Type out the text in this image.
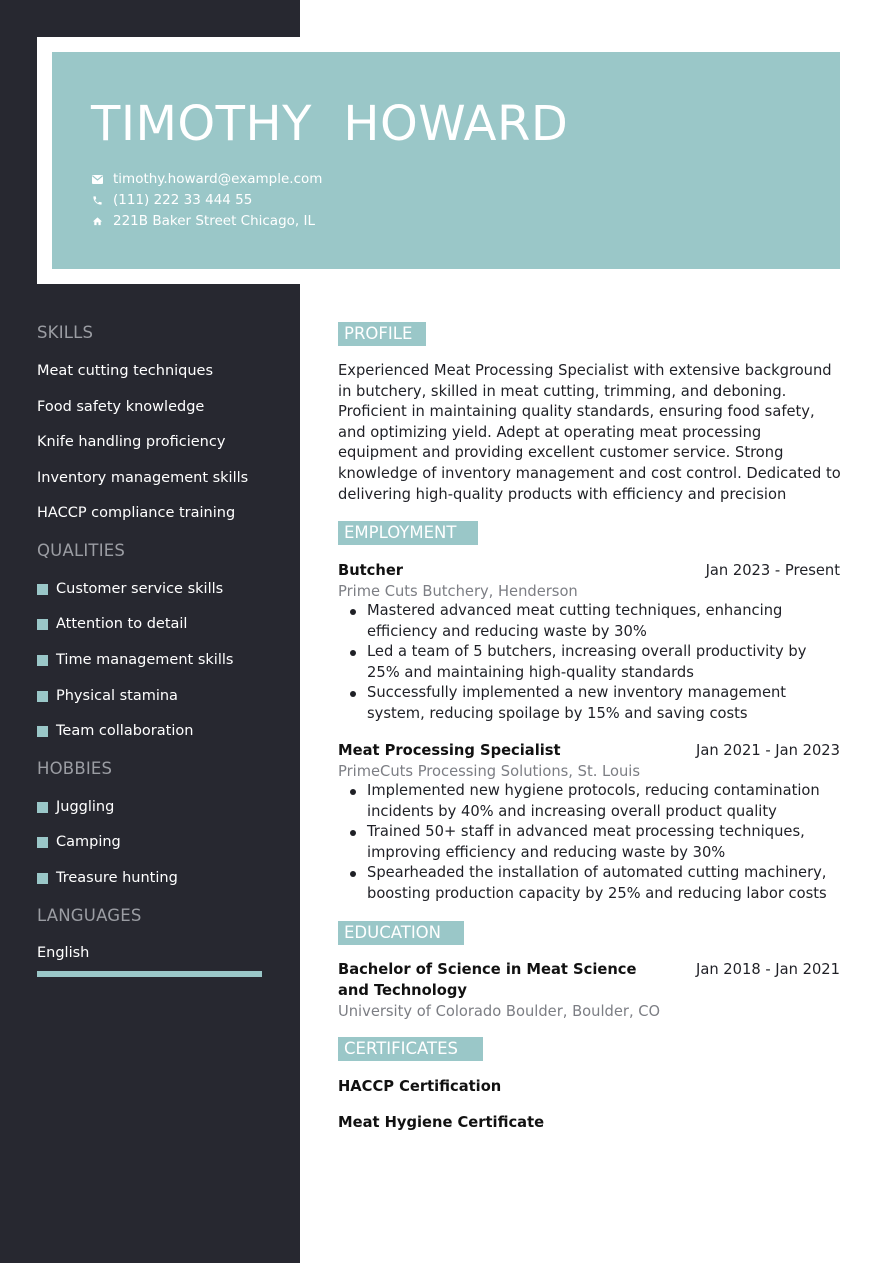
TIMOTHY  HOWARD
timothy.howard@example.com
(111) 222 33 444 55
221B Baker Street Chicago, IL
SKILLS
Meat cutting techniques
Food safety knowledge
Knife handling proficiency
Inventory management skills
HACCP compliance training
QUALITIES
Customer service skills
Attention to detail
Time management skills
Physical stamina
Team collaboration
HOBBIES
Juggling
Camping
Treasure hunting
LANGUAGES
English
PROFILE
Experienced Meat Processing Specialist with extensive background in butchery, skilled in meat cutting, trimming, and deboning. Proficient in maintaining quality standards, ensuring food safety, and optimizing yield. Adept at operating meat processing equipment and providing excellent customer service. Strong knowledge of inventory management and cost control. Dedicated to delivering high-quality products with efficiency and precision
EMPLOYMENT
Butcher	Jan 2023 - Present
Prime Cuts Butchery, Henderson
Mastered advanced meat cutting techniques, enhancing efficiency and reducing waste by 30%
Led a team of 5 butchers, increasing overall productivity by 25% and maintaining high-quality standards
Successfully implemented a new inventory management system, reducing spoilage by 15% and saving costs
Meat Processing Specialist	Jan 2021 - Jan 2023
PrimeCuts Processing Solutions, St. Louis
Implemented new hygiene protocols, reducing contamination incidents by 40% and increasing overall product quality
Trained 50+ staff in advanced meat processing techniques, improving efficiency and reducing waste by 30%
Spearheaded the installation of automated cutting machinery, boosting production capacity by 25% and reducing labor costs
EDUCATION
Bachelor of Science in Meat Science and Technology
Jan 2018 - Jan 2021
University of Colorado Boulder, Boulder, CO
CERTIFICATES
HACCP Certification
Meat Hygiene Certificate
